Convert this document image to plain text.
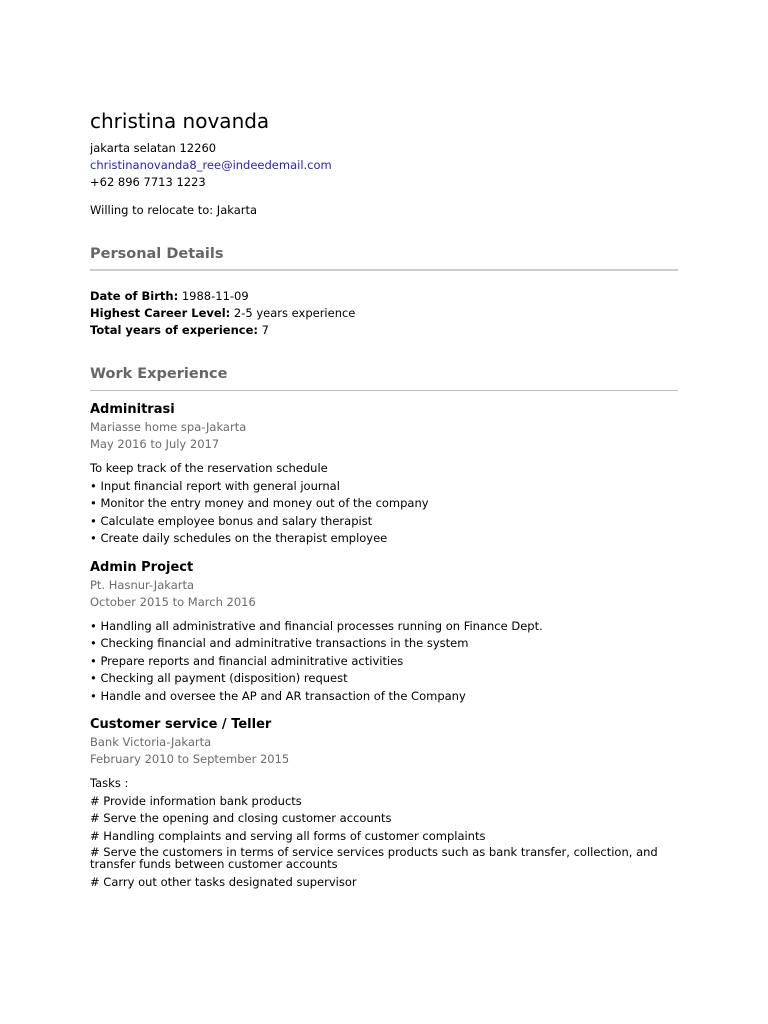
christina novanda

jakarta selatan 12260

christinanovanda8_ree@indeedemail.com

+62 896 7713 1223

Willing to relocate to: Jakarta

Personal Details

Date of Birth: 1988-11-09

Highest Career Level: 2-5 years experience

Total years of experience: 7

Work Experience

Adminitrasi

Mariasse home spa-Jakarta

May 2016 to July 2017

To keep track of the reservation schedule

• Input financial report with general journal

• Monitor the entry money and money out of the company

• Calculate employee bonus and salary therapist

• Create daily schedules on the therapist employee

Admin Project

Pt. Hasnur-Jakarta

October 2015 to March 2016

• Handling all administrative and financial processes running on Finance Dept.

• Checking financial and adminitrative transactions in the system

• Prepare reports and financial adminitrative activities

• Checking all payment (disposition) request

• Handle and oversee the AP and AR transaction of the Company

Customer service / Teller

Bank Victoria-Jakarta

February 2010 to September 2015

Tasks :

# Provide information bank products

# Serve the opening and closing customer accounts

# Handling complaints and serving all forms of customer complaints

# Serve the customers in terms of service services products such as bank transfer, collection, and transfer funds between customer accounts

# Carry out other tasks designated supervisor
